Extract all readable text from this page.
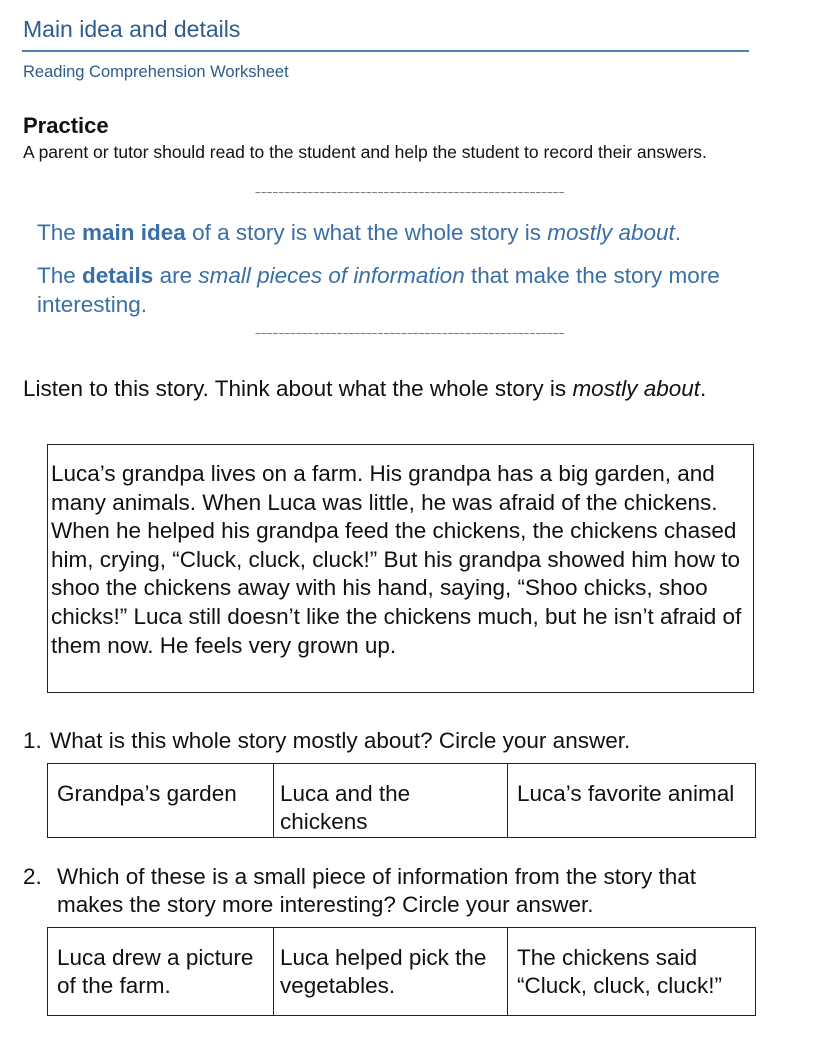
Main idea and details
Reading Comprehension Worksheet
Practice
A parent or tutor should read to the student and help the student to record their answers.
~~~~~~~~~~~~~~~~~~~~~~~~~~~~~~~~~~~~~~~~~~~~~~~~~~~~~
The main idea of a story is what the whole story is mostly about.
The details are small pieces of information that make the story more interesting.
~~~~~~~~~~~~~~~~~~~~~~~~~~~~~~~~~~~~~~~~~~~~~~~~~~~~~
Listen to this story. Think about what the whole story is mostly about.
Luca’s grandpa lives on a farm. His grandpa has a big garden, and many animals. When Luca was little, he was afraid of the chickens. When he helped his grandpa feed the chickens, the chickens chased him, crying, “Cluck, cluck, cluck!” But his grandpa showed him how to shoo the chickens away with his hand, saying, “Shoo chicks, shoo chicks!” Luca still doesn’t like the chickens much, but he isn’t afraid of them now. He feels very grown up.
1. What is this whole story mostly about? Circle your answer.
Grandpa’s garden	Luca and the chickens	Luca’s favorite animal
2. Which of these is a small piece of information from the story that makes the story more interesting? Circle your answer.
Luca drew a picture of the farm.	Luca helped pick the vegetables.	The chickens said “Cluck, cluck, cluck!”
